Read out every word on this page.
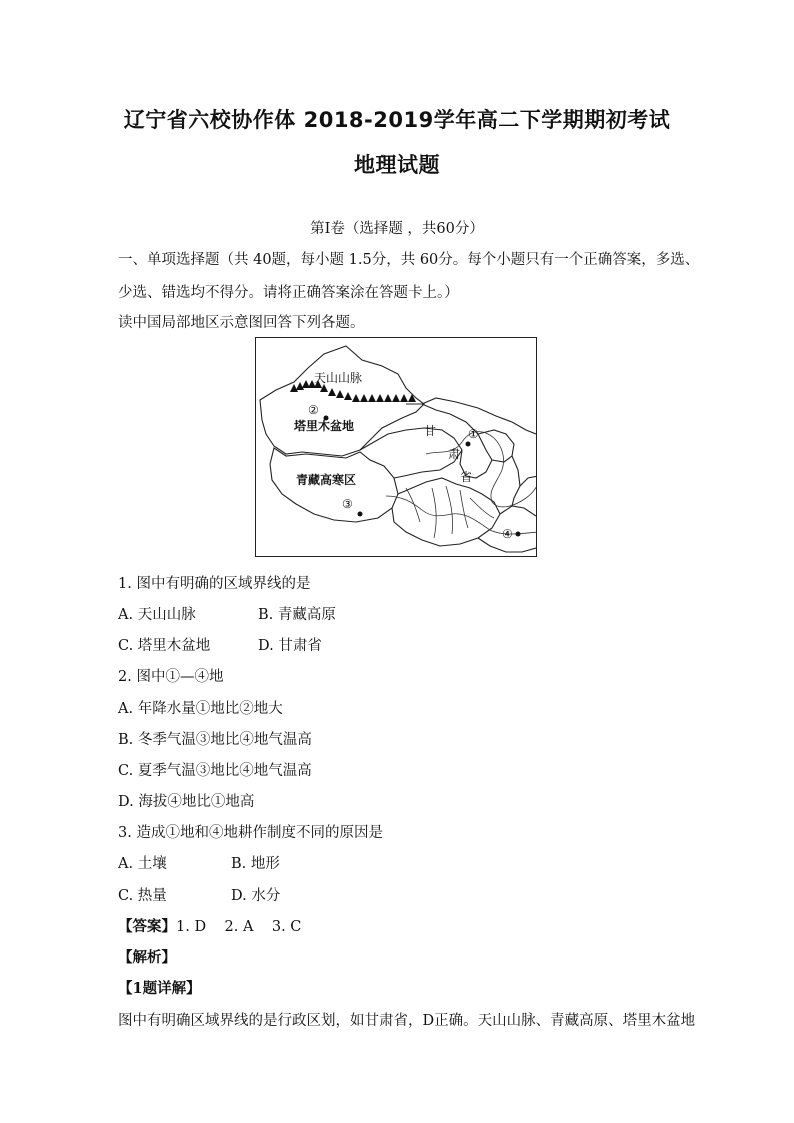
辽宁省六校协作体 2018-2019学年高二下学期期初考试
地理试题
第Ⅰ卷（选择题 ，共60分）
一、单项选择题（共 40题，每小题 1.5分，共 60分。每个小题只有一个正确答案，多选、
少选、错选均不得分。请将正确答案涂在答题卡上。）
读中国局部地区示意图回答下列各题。
天山山脉
②
塔里木盆地	甘
肃
省
①
青藏高寒区
③
④
1. 图中有明确的区域界线的是
A. 天山山脉	B. 青藏高原
C. 塔里木盆地	D. 甘肃省
2. 图中①—④地
A. 年降水量①地比②地大
B. 冬季气温③地比④地气温高
C. 夏季气温③地比④地气温高
D. 海拔④地比①地高
3. 造成①地和④地耕作制度不同的原因是
A. 土壤	B. 地形
C. 热量	D. 水分
【答案】1. D    2. A    3. C
【解析】
【1题详解】
图中有明确区域界线的是行政区划，如甘肃省，D正确。天山山脉、青藏高原、塔里木盆地
